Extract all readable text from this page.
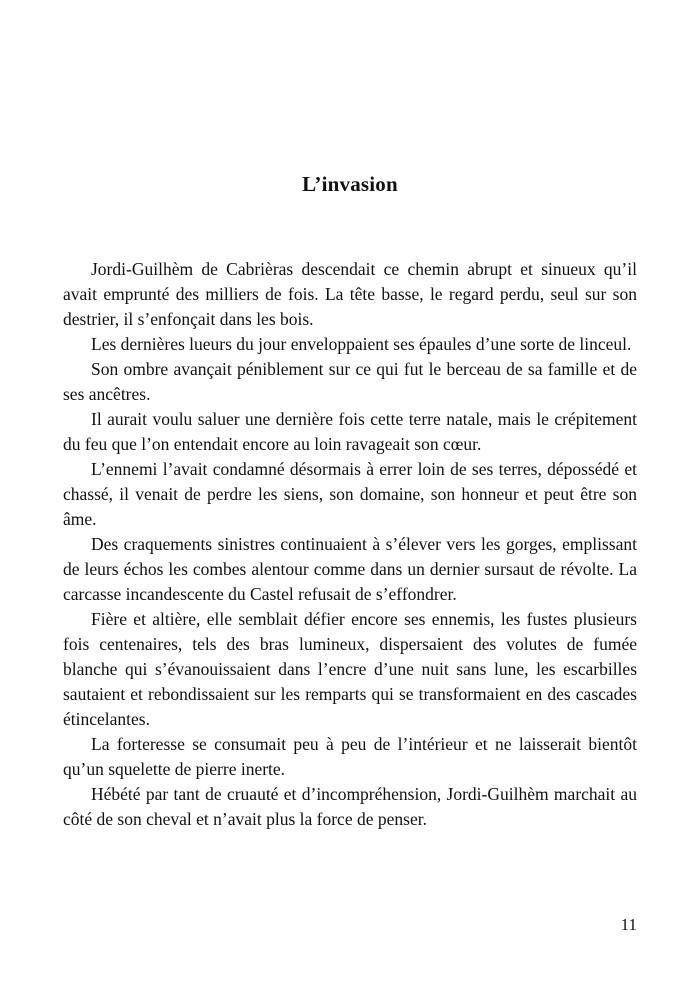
L’invasion

Jordi-Guilhèm de Cabrièras descendait ce chemin abrupt et sinueux qu’il avait emprunté des milliers de fois. La tête basse, le regard perdu, seul sur son destrier, il s’enfonçait dans les bois.

Les dernières lueurs du jour enveloppaient ses épaules d’une sorte de linceul.

Son ombre avançait péniblement sur ce qui fut le berceau de sa famille et de ses ancêtres.

Il aurait voulu saluer une dernière fois cette terre natale, mais le crépitement du feu que l’on entendait encore au loin ravageait son cœur.

L’ennemi l’avait condamné désormais à errer loin de ses terres, dépossédé et chassé, il venait de perdre les siens, son domaine, son honneur et peut être son âme.

Des craquements sinistres continuaient à s’élever vers les gorges, emplissant de leurs échos les combes alentour comme dans un dernier sursaut de révolte. La carcasse incandescente du Castel refusait de s’effondrer.

Fière et altière, elle semblait défier encore ses ennemis, les fustes plusieurs fois centenaires, tels des bras lumineux, dispersaient des volutes de fumée blanche qui s’évanouissaient dans l’encre d’une nuit sans lune, les escarbilles sautaient et rebondissaient sur les remparts qui se transformaient en des cascades étincelantes.

La forteresse se consumait peu à peu de l’intérieur et ne laisserait bientôt qu’un squelette de pierre inerte.

Hébété par tant de cruauté et d’incompréhension, Jordi-Guilhèm marchait au côté de son cheval et n’avait plus la force de penser.

11
